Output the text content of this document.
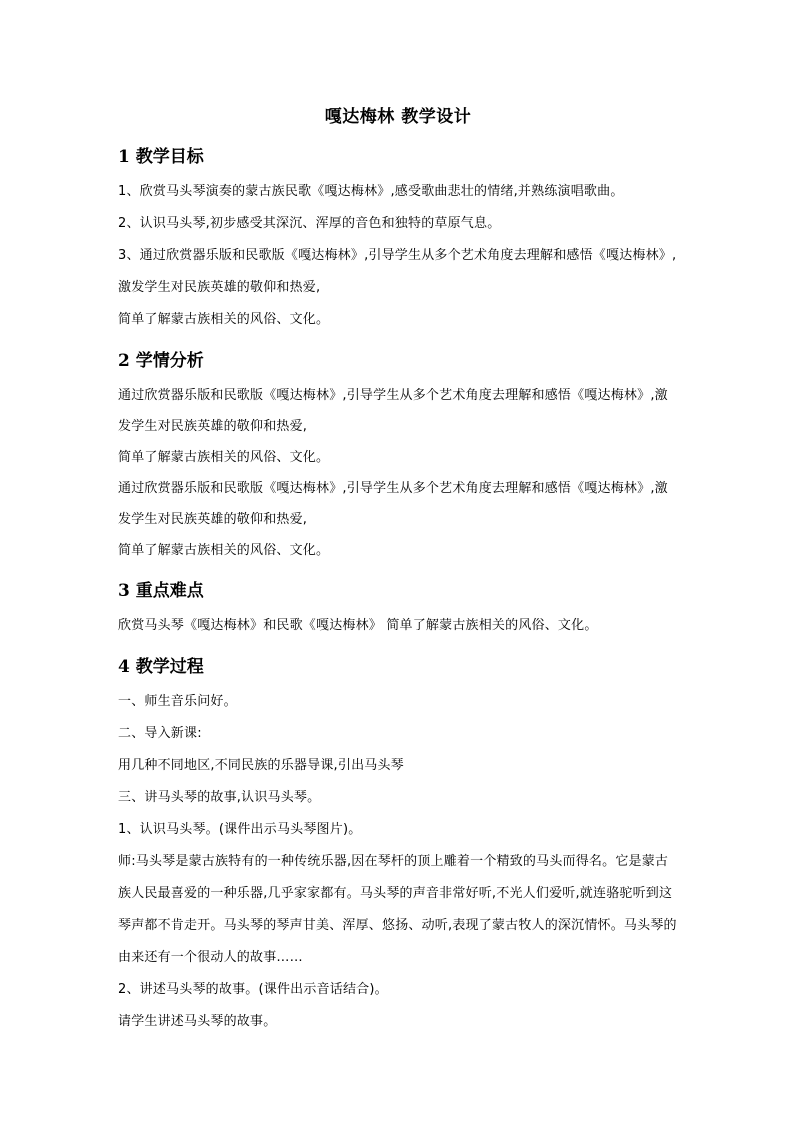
嘎达梅林 教学设计
1 教学目标

1、欣赏马头琴演奏的蒙古族民歌《嘎达梅林》,感受歌曲悲壮的情绪,并熟练演唱歌曲。

2、认识马头琴,初步感受其深沉、浑厚的音色和独特的草原气息。

3、通过欣赏器乐版和民歌版《嘎达梅林》,引导学生从多个艺术角度去理解和感悟《嘎达梅林》,激发学生对民族英雄的敬仰和热爱,

简单了解蒙古族相关的风俗、文化。

2 学情分析

通过欣赏器乐版和民歌版《嘎达梅林》,引导学生从多个艺术角度去理解和感悟《嘎达梅林》,激发学生对民族英雄的敬仰和热爱,

简单了解蒙古族相关的风俗、文化。

通过欣赏器乐版和民歌版《嘎达梅林》,引导学生从多个艺术角度去理解和感悟《嘎达梅林》,激发学生对民族英雄的敬仰和热爱,

简单了解蒙古族相关的风俗、文化。

3 重点难点

欣赏马头琴《嘎达梅林》和民歌《嘎达梅林》 简单了解蒙古族相关的风俗、文化。

4 教学过程

一、师生音乐问好。

二、导入新课:

用几种不同地区,不同民族的乐器导课,引出马头琴

三、讲马头琴的故事,认识马头琴。

1、认识马头琴。(课件出示马头琴图片)。

师:马头琴是蒙古族特有的一种传统乐器,因在琴杆的顶上雕着一个精致的马头而得名。它是蒙古族人民最喜爱的一种乐器,几乎家家都有。马头琴的声音非常好听,不光人们爱听,就连骆驼听到这琴声都不肯走开。马头琴的琴声甘美、浑厚、悠扬、动听,表现了蒙古牧人的深沉情怀。马头琴的由来还有一个很动人的故事……

2、讲述马头琴的故事。(课件出示音话结合)。

请学生讲述马头琴的故事。
